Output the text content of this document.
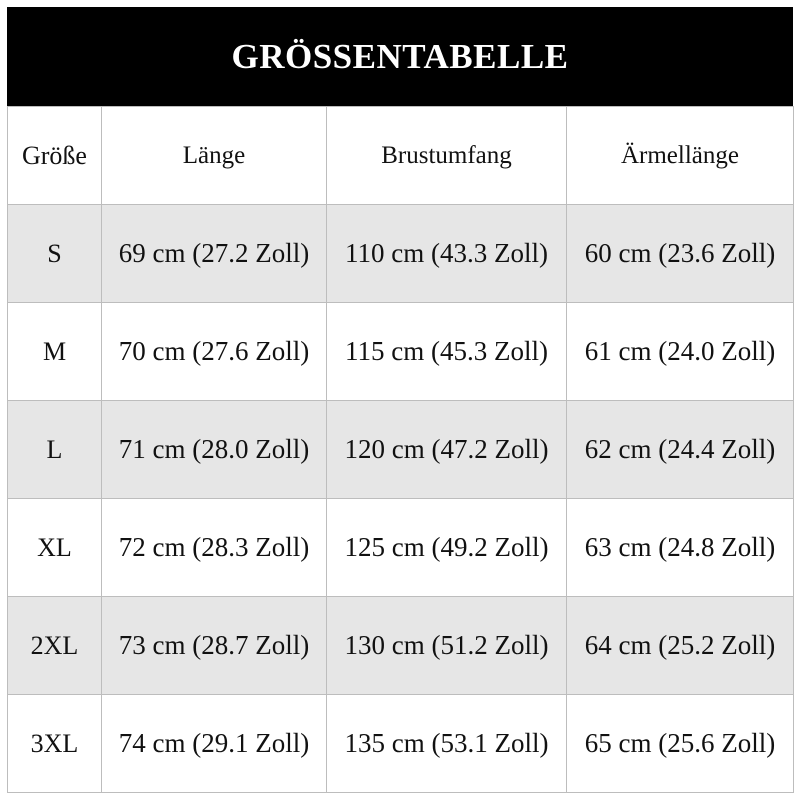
GRÖSSENTABELLE
Größe	Länge	Brustumfang	Ärmellänge
S	69 cm (27.2 Zoll)	110 cm (43.3 Zoll)	60 cm (23.6 Zoll)
M	70 cm (27.6 Zoll)	115 cm (45.3 Zoll)	61 cm (24.0 Zoll)
L	71 cm (28.0 Zoll)	120 cm (47.2 Zoll)	62 cm (24.4 Zoll)
XL	72 cm (28.3 Zoll)	125 cm (49.2 Zoll)	63 cm (24.8 Zoll)
2XL	73 cm (28.7 Zoll)	130 cm (51.2 Zoll)	64 cm (25.2 Zoll)
3XL	74 cm (29.1 Zoll)	135 cm (53.1 Zoll)	65 cm (25.6 Zoll)
